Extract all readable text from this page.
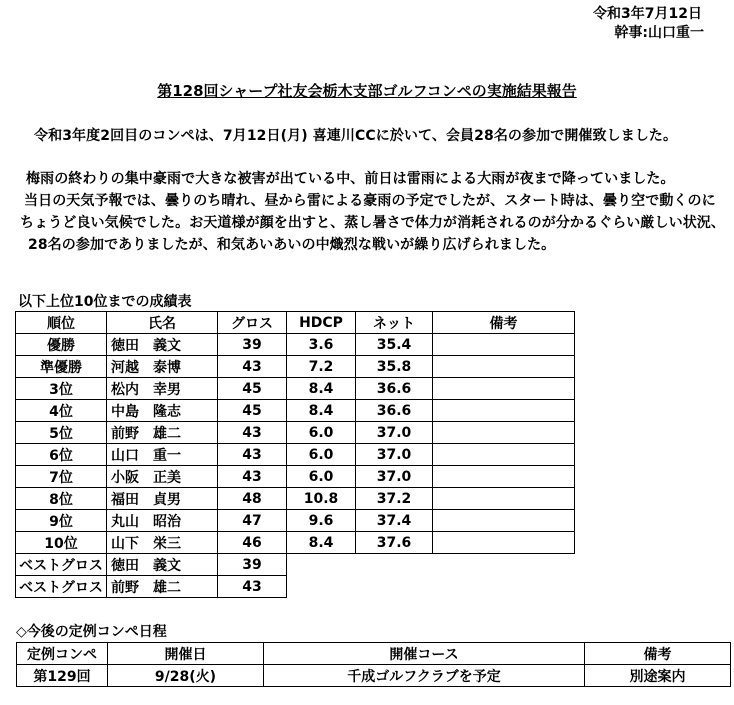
令和3年7月12日
幹事:山口重一
第128回シャープ社友会栃木支部ゴルフコンペの実施結果報告
令和3年度2回目のコンペは、7月12日(月) 喜連川CCに於いて、会員28名の参加で開催致しました。
梅雨の終わりの集中豪雨で大きな被害が出ている中、前日は雷雨による大雨が夜まで降っていました。
当日の天気予報では、曇りのち晴れ、昼から雷による豪雨の予定でしたが、スタート時は、曇り空で動くのに
ちょうど良い気候でした。お天道様が顔を出すと、蒸し暑さで体力が消耗されるのが分かるぐらい厳しい状況、
28名の参加でありましたが、和気あいあいの中熾烈な戦いが繰り広げられました。
以下上位10位までの成績表
順位	氏名	グロス	HDCP	ネット	備考
優勝	徳田　義文	39	3.6	35.4	
準優勝	河越　泰博	43	7.2	35.8	
3位	松内　幸男	45	8.4	36.6	
4位	中島　隆志	45	8.4	36.6	
5位	前野　雄二	43	6.0	37.0	
6位	山口　重一	43	6.0	37.0	
7位	小阪　正美	43	6.0	37.0	
8位	福田　貞男	48	10.8	37.2	
9位	丸山　昭治	47	9.6	37.4	
10位	山下　栄三	46	8.4	37.6	
ベストグロス	徳田　義文	39			
ベストグロス	前野　雄二	43			
◇今後の定例コンペ日程
定例コンペ	開催日	開催コース	備考
第129回	9/28(火)	千成ゴルフクラブを予定	別途案内
